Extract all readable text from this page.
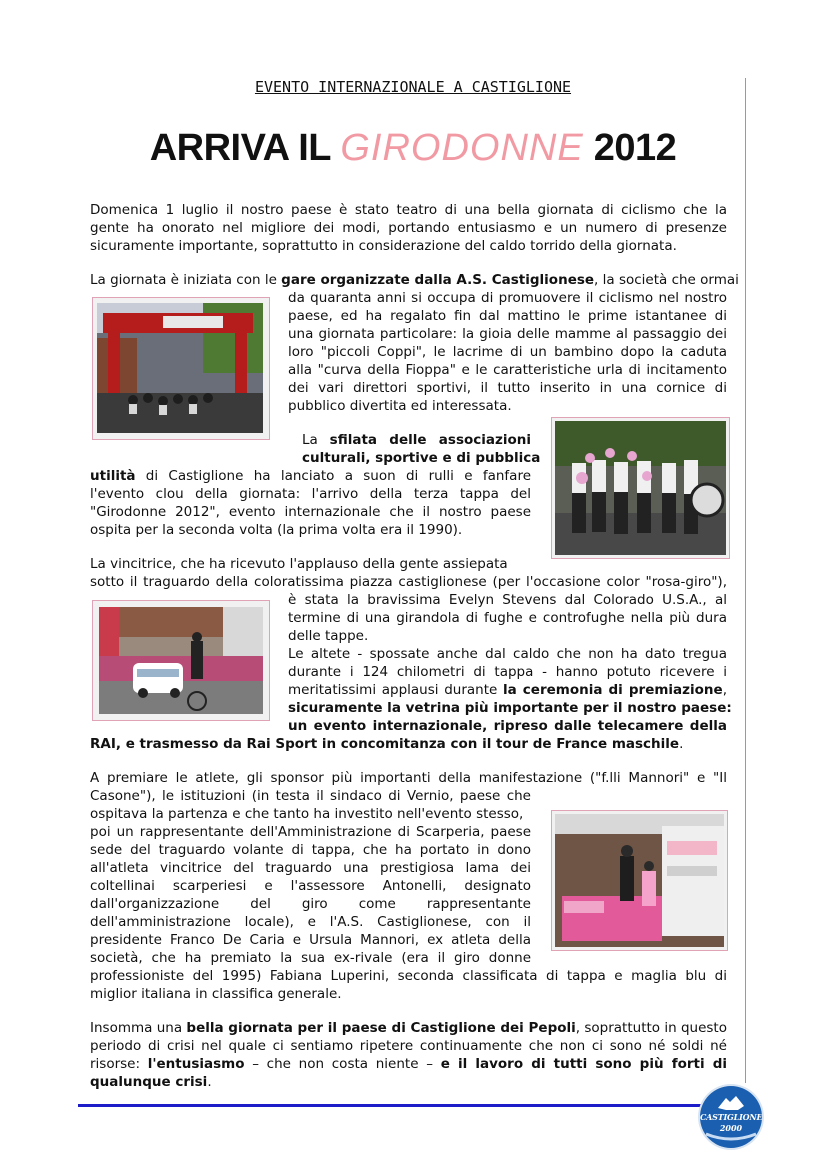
EVENTO INTERNAZIONALE A CASTIGLIONE
ARRIVA IL GIRODONNE 2012

Domenica 1 luglio il nostro paese è stato teatro di una bella giornata di ciclismo che la

gente ha onorato nel migliore dei modi, portando entusiasmo e un numero di presenze

sicuramente importante, soprattutto in considerazione del caldo torrido della giornata.

La giornata è iniziata con le gare organizzate dalla A.S. Castiglionese, la società che ormai

da quaranta anni si occupa di promuovere il ciclismo nel nostro

paese, ed ha regalato fin dal mattino le prime istantanee di

una giornata particolare: la gioia delle mamme al passaggio dei

loro "piccoli Coppi", le lacrime di un bambino dopo la caduta

alla "curva della Fioppa" e le caratteristiche urla di incitamento

dei vari direttori sportivi, il tutto inserito in una cornice di

pubblico divertita ed interessata.

La sfilata delle associazioni

culturali, sportive e di pubblica

utilità di Castiglione ha lanciato a suon di rulli e fanfare

l'evento clou della giornata: l'arrivo della terza tappa del

"Girodonne 2012", evento internazionale che il nostro paese

ospita per la seconda volta (la prima volta era il 1990).

La vincitrice, che ha ricevuto l'applauso della gente assiepata

sotto il traguardo della coloratissima piazza castiglionese (per l'occasione color "rosa-giro"),

è stata la bravissima Evelyn Stevens dal Colorado U.S.A., al

termine di una girandola di fughe e controfughe nella più dura

delle tappe.

Le altete - spossate anche dal caldo che non ha dato tregua

durante i 124 chilometri di tappa - hanno potuto ricevere i

meritatissimi applausi durante la ceremonia di premiazione,

sicuramente la vetrina più importante per il nostro paese:

un evento internazionale, ripreso dalle telecamere della

RAI, e trasmesso da Rai Sport in concomitanza con il tour de France maschile.

A premiare le atlete, gli sponsor più importanti della manifestazione ("f.lli Mannori" e "Il

Casone"), le istituzioni (in testa il sindaco di Vernio, paese che

ospitava la partenza e che tanto ha investito nell'evento stesso,

poi un rappresentante dell'Amministrazione di Scarperia, paese

sede del traguardo volante di tappa, che ha portato in dono

all'atleta vincitrice del traguardo una prestigiosa lama dei

coltellinai scarperiesi e l'assessore Antonelli, designato

dall'organizzazione del giro come rappresentante

dell'amministrazione locale), e l'A.S. Castiglionese, con il

presidente Franco De Caria e Ursula Mannori, ex atleta della

società, che ha premiato la sua ex-rivale (era il giro donne

professioniste del 1995) Fabiana Luperini, seconda classificata di tappa e maglia blu di

miglior italiana in classifica generale.

Insomma una bella giornata per il paese di Castiglione dei Pepoli, soprattutto in questo

periodo di crisi nel quale ci sentiamo ripetere continuamente che non ci sono né soldi né

risorse: l'entusiasmo – che non costa niente – e il lavoro di tutti sono più forti di

qualunque crisi.

CASTIGLIONE
2000
